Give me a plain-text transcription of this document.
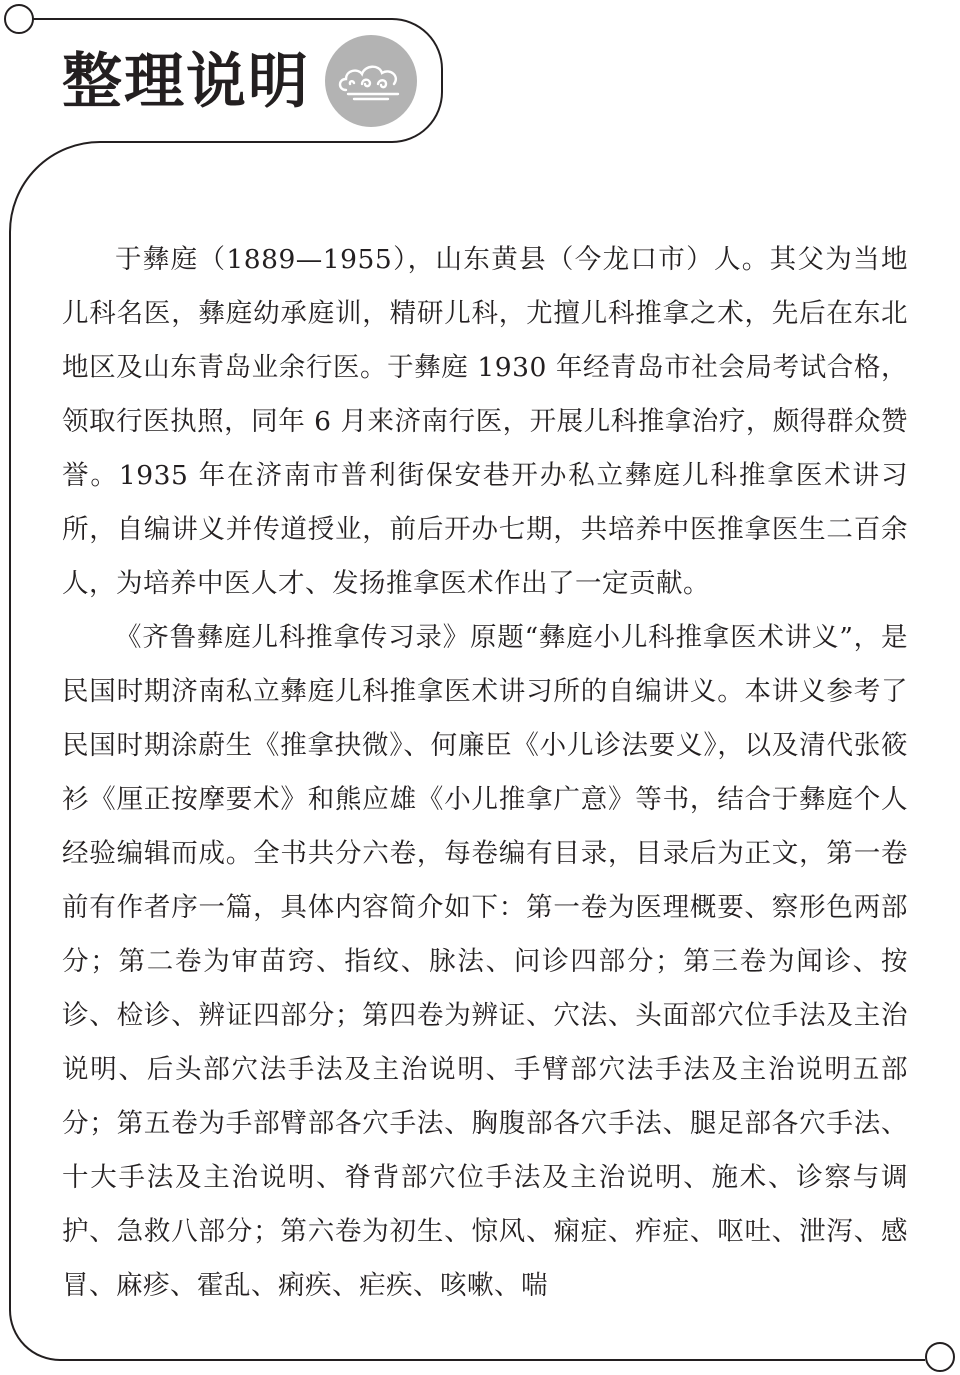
整理说明

于彝庭（1889—1955），山东黄县（今龙口市）人。其父为当地儿科名医，彝庭幼承庭训，精研儿科，尤擅儿科推拿之术，先后在东北地区及山东青岛业余行医。于彝庭 1930 年经青岛市社会局考试合格，领取行医执照，同年 6 月来济南行医，开展儿科推拿治疗，颇得群众赞誉。1935 年在济南市普利街保安巷开办私立彝庭儿科推拿医术讲习所，自编讲义并传道授业，前后开办七期，共培养中医推拿医生二百余人，为培养中医人才、发扬推拿医术作出了一定贡献。

《齐鲁彝庭儿科推拿传习录》原题“彝庭小儿科推拿医术讲义”，是民国时期济南私立彝庭儿科推拿医术讲习所的自编讲义。本讲义参考了民国时期涂蔚生《推拿抉微》、何廉臣《小儿诊法要义》，以及清代张筱衫《厘正按摩要术》和熊应雄《小儿推拿广意》等书，结合于彝庭个人经验编辑而成。全书共分六卷，每卷编有目录，目录后为正文，第一卷前有作者序一篇，具体内容简介如下：第一卷为医理概要、察形色两部分；第二卷为审苗窍、指纹、脉法、问诊四部分；第三卷为闻诊、按诊、检诊、辨证四部分；第四卷为辨证、穴法、头面部穴位手法及主治说明、后头部穴法手法及主治说明、手臂部穴法手法及主治说明五部分；第五卷为手部臂部各穴手法、胸腹部各穴手法、腿足部各穴手法、十大手法及主治说明、脊背部穴位手法及主治说明、施术、诊察与调护、急救八部分；第六卷为初生、惊风、痫症、痄症、呕吐、泄泻、感冒、麻疹、霍乱、痢疾、疟疾、咳嗽、喘
